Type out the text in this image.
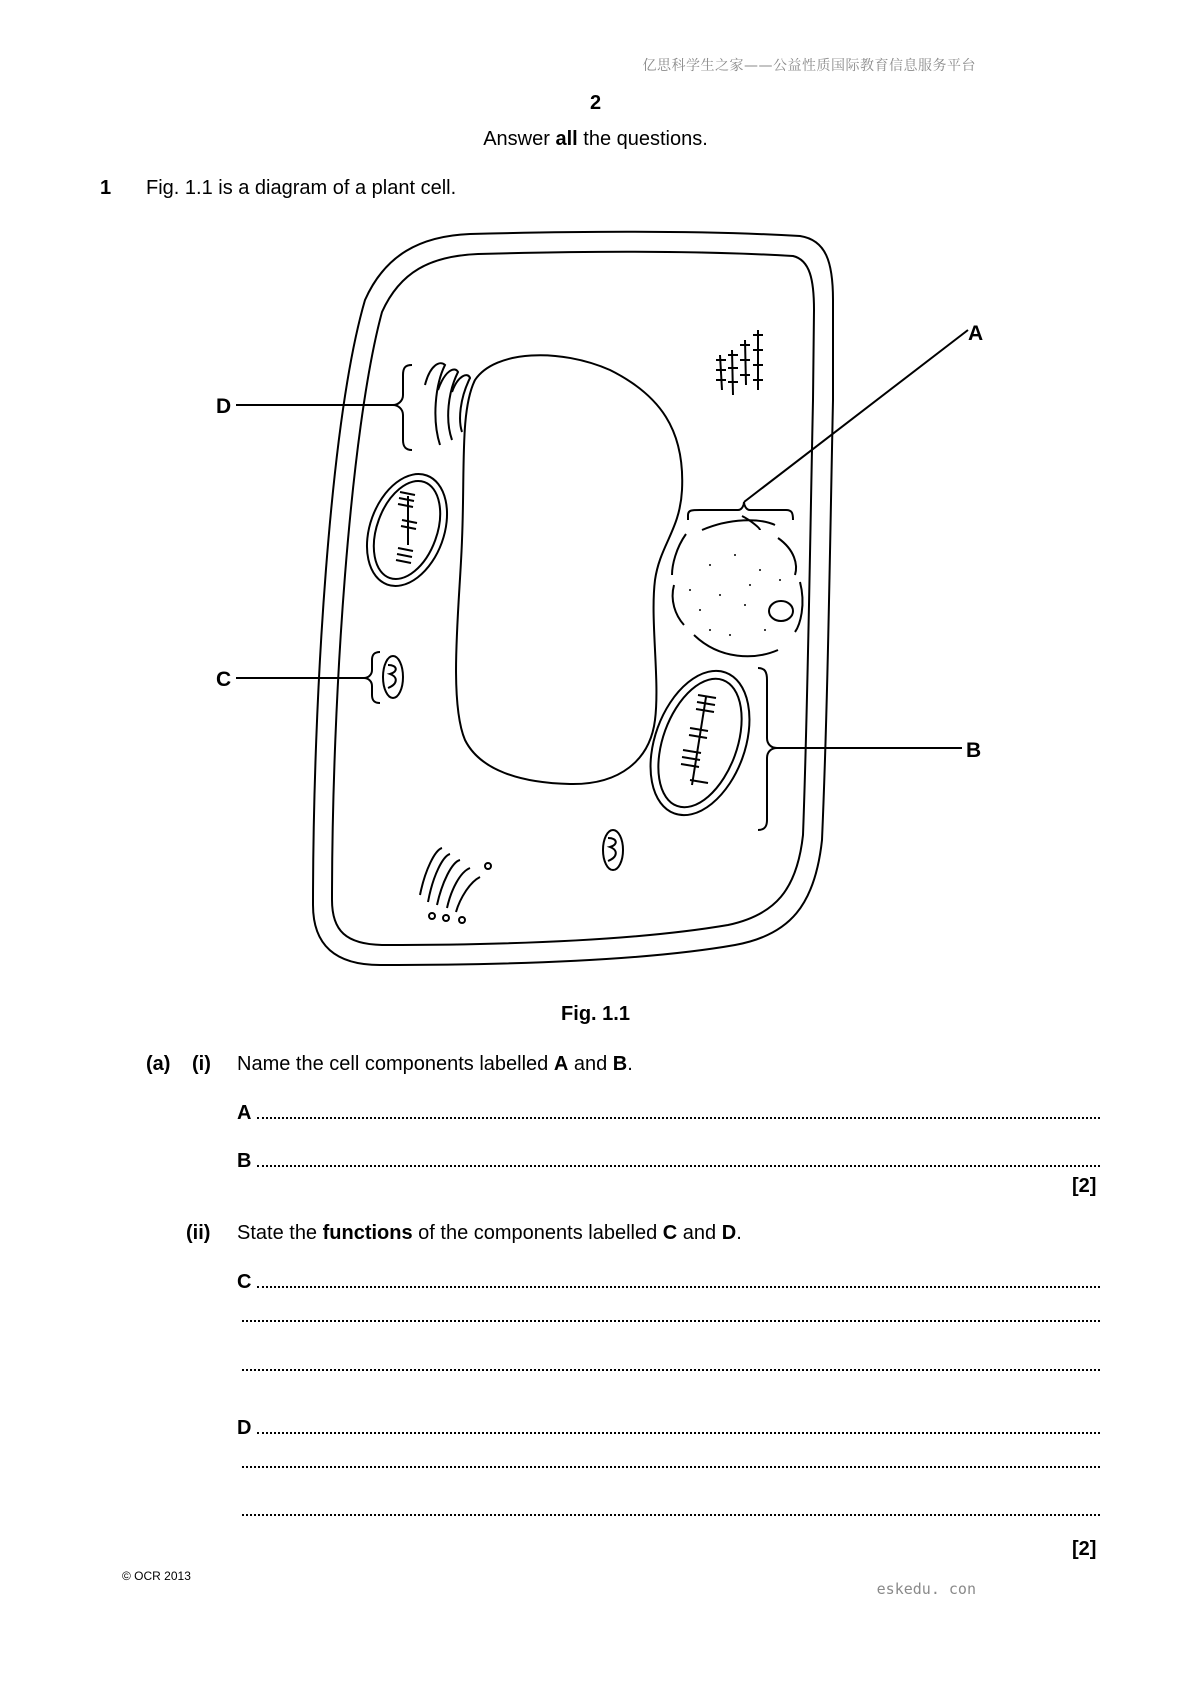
亿思科学生之家——公益性质国际教育信息服务平台
2
Answer all the questions.
1 Fig. 1.1 is a diagram of a plant cell.
A
B
C
D
Fig. 1.1
(a) (i) Name the cell components labelled A and B.
A
B
[2]
(ii) State the functions of the components labelled C and D.
C
D
[2]
© OCR 2013
eskedu. con
